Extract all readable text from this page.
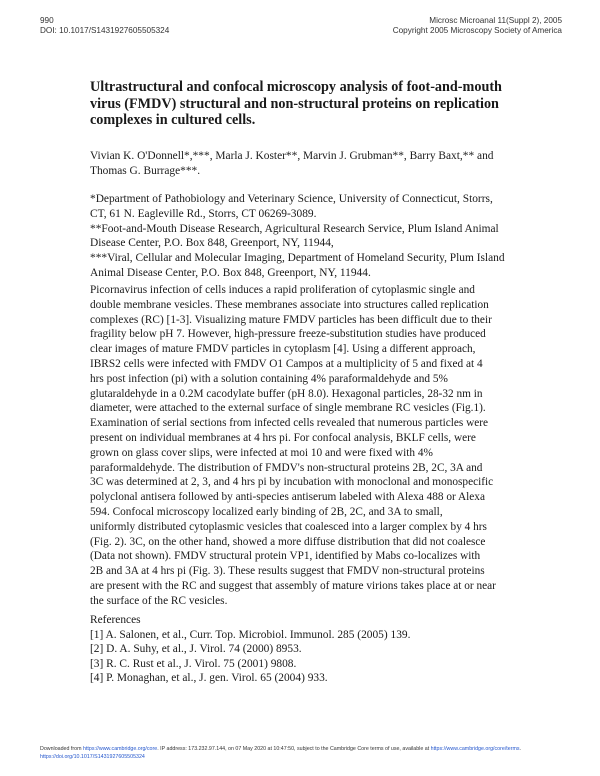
990
DOI: 10.1017/S1431927605505324
Microsc Microanal 11(Suppl 2), 2005
Copyright 2005 Microscopy Society of America
Ultrastructural and confocal microscopy analysis of foot-and-mouth
virus (FMDV) structural and non-structural proteins on replication
complexes in cultured cells.
Vivian K. O'Donnell*,***, Marla J. Koster**, Marvin J. Grubman**, Barry Baxt,** and
Thomas G. Burrage***.
*Department of Pathobiology and Veterinary Science, University of Connecticut, Storrs,
CT, 61 N. Eagleville Rd., Storrs, CT 06269-3089.
**Foot-and-Mouth Disease Research, Agricultural Research Service, Plum Island Animal
Disease Center, P.O. Box 848, Greenport, NY, 11944,
***Viral, Cellular and Molecular Imaging, Department of Homeland Security, Plum Island
Animal Disease Center, P.O. Box 848, Greenport, NY, 11944.
Picornavirus infection of cells induces a rapid proliferation of cytoplasmic single and
double membrane vesicles. These membranes associate into structures called replication
complexes (RC) [1-3]. Visualizing mature FMDV particles has been difficult due to their
fragility below pH 7. However, high-pressure freeze-substitution studies have produced
clear images of mature FMDV particles in cytoplasm [4]. Using a different approach,
IBRS2 cells were infected with FMDV O1 Campos at a multiplicity of 5 and fixed at 4
hrs post infection (pi) with a solution containing 4% paraformaldehyde and 5%
glutaraldehyde in a 0.2M cacodylate buffer (pH 8.0). Hexagonal particles, 28-32 nm in
diameter, were attached to the external surface of single membrane RC vesicles (Fig.1).
Examination of serial sections from infected cells revealed that numerous particles were
present on individual membranes at 4 hrs pi. For confocal analysis, BKLF cells, were
grown on glass cover slips, were infected at moi 10 and were fixed with 4%
paraformaldehyde. The distribution of FMDV's non-structural proteins 2B, 2C, 3A and
3C was determined at 2, 3, and 4 hrs pi by incubation with monoclonal and monospecific
polyclonal antisera followed by anti-species antiserum labeled with Alexa 488 or Alexa
594. Confocal microscopy localized early binding of 2B, 2C, and 3A to small,
uniformly distributed cytoplasmic vesicles that coalesced into a larger complex by 4 hrs
(Fig. 2). 3C, on the other hand, showed a more diffuse distribution that did not coalesce
(Data not shown). FMDV structural protein VP1, identified by Mabs co-localizes with
2B and 3A at 4 hrs pi (Fig. 3). These results suggest that FMDV non-structural proteins
are present with the RC and suggest that assembly of mature virions takes place at or near
the surface of the RC vesicles.
References
[1] A. Salonen, et al., Curr. Top. Microbiol. Immunol. 285 (2005) 139.
[2] D. A. Suhy, et al., J. Virol. 74 (2000) 8953.
[3] R. C. Rust et al., J. Virol. 75 (2001) 9808.
[4] P. Monaghan, et al., J. gen. Virol. 65 (2004) 933.
Downloaded from https://www.cambridge.org/core. IP address: 173.232.97.144, on 07 May 2020 at 10:47:50, subject to the Cambridge Core terms of use, available at https://www.cambridge.org/core/terms.
https://doi.org/10.1017/S1431927605505324
